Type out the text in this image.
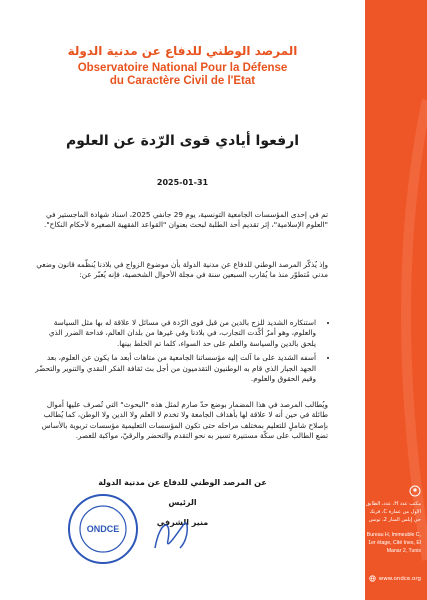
المرصد الوطني للدفاع عن مدنية الدولة
Observatoire National Pour la Défense
du Caractère Civil de l'Etat
مكتب عدد H، عدد، الطابق الاول من عمارة C، فرنك حي إيلس المنار 2، تونس
Bureau H, Immeuble C, 1er étage, Cité Ines, El Manar 2, Tunis
www.ondce.org
ارفعوا أيادي قوى الرّدة عن العلوم
2025-01-31
تم في إحدى المؤسسات الجامعية التونسية، يوم 29 جانفي 2025، اسناد شهادة الماجستير في "العلوم الإسلامية"، إثر تقديم أحد الطلبة لبحث بعنوان "القواعد الفقهية الصغيرة لأحكام النكاح".
وإذ يُذكّر المرصد الوطني للدفاع عن مدنية الدولة بأن موضوع الزواج في بلادنا يُنظّمه قانون وضعي مدني مُتطوّر منذ ما يُقارب السبعين سنة في مجلة الأحوال الشخصية، فإنه يُعبّر عن:
• استنكاره الشديد للزج بالدين من قبل قوى الرّدة في مسائل لا علاقة له بها مثل السياسة والعلوم، وهو أمرٌ أكّدت التجارب، في بلادنا وفي غيرها من بلدان العالم، فداحة الضرر الذي يلحق بالدين والسياسة والعلم على حد السواء، كلما تم الخلط بينها.
• أسفه الشديد على ما آلت إليه مؤسساتنا الجامعية من متاهات أبعد ما يكون عن العلوم، بعد الجهد الجبار الذي قام به الوطنيون التقدميون من أجل بث ثقافة الفكر النقدي والتنوير والتحضّر وقيم الحقوق والعلوم.
ويُطالب المرصد في هذا المضمار بوضع حدّ صارم لمثل هذه "البحوث" التي تُصرف عليها أموال طائلة في حين أنه لا علاقة لها بأهداف الجامعة ولا تخدم لا العلم ولا الدين ولا الوطن، كما يُطالب بإصلاح شاملٍ للتعليم بمختلف مراحله حتى تكون المؤسسات التعليمية مؤسسات تربوية بالأساس تضع الطالب على سكّة مستنيرة تسير به نحو التقدم والتحضر والرقيّ، مواكبة للعصر.
عن المرصد الوطني للدفاع عن مدنية الدولة
الرئيس
منير الشرفي
ONDCE
